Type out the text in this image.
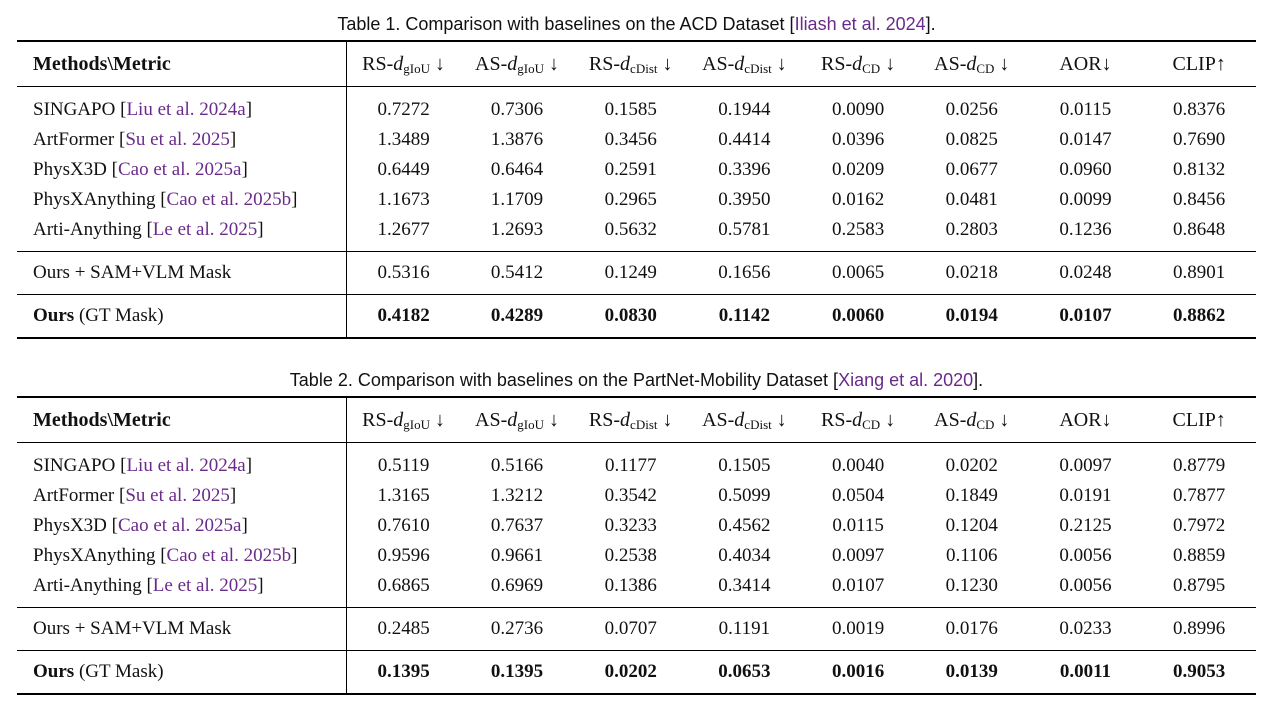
Table 1. Comparison with baselines on the ACD Dataset [Iliash et al. 2024].
Methods\Metric	$RS-d_{gIoU}$ ↓	$AS-d_{gIoU}$ ↓	$RS-d_{cDist}$ ↓	$AS-d_{cDist}$ ↓	$RS-d_{CD}$ ↓	$AS-d_{CD}$ ↓	AOR↓	CLIP↑

SINGAPO [Liu et al. 2024a]	0.7272	0.7306	0.1585	0.1944	0.0090	0.0256	0.0115	0.8376
ArtFormer [Su et al. 2025]	1.3489	1.3876	0.3456	0.4414	0.0396	0.0825	0.0147	0.7690
PhysX3D [Cao et al. 2025a]	0.6449	0.6464	0.2591	0.3396	0.0209	0.0677	0.0960	0.8132
PhysXAnything [Cao et al. 2025b]	1.1673	1.1709	0.2965	0.3950	0.0162	0.0481	0.0099	0.8456
Arti-Anything [Le et al. 2025]	1.2677	1.2693	0.5632	0.5781	0.2583	0.2803	0.1236	0.8648

Ours + SAM+VLM Mask	0.5316	0.5412	0.1249	0.1656	0.0065	0.0218	0.0248	0.8901
Ours (GT Mask)	0.4182	0.4289	0.0830	0.1142	0.0060	0.0194	0.0107	0.8862
Table 2. Comparison with baselines on the PartNet-Mobility Dataset [Xiang et al. 2020].
Methods\Metric	$RS-d_{gIoU}$ ↓	$AS-d_{gIoU}$ ↓	$RS-d_{cDist}$ ↓	$AS-d_{cDist}$ ↓	$RS-d_{CD}$ ↓	$AS-d_{CD}$ ↓	AOR↓	CLIP↑

SINGAPO [Liu et al. 2024a]	0.5119	0.5166	0.1177	0.1505	0.0040	0.0202	0.0097	0.8779
ArtFormer [Su et al. 2025]	1.3165	1.3212	0.3542	0.5099	0.0504	0.1849	0.0191	0.7877
PhysX3D [Cao et al. 2025a]	0.7610	0.7637	0.3233	0.4562	0.0115	0.1204	0.2125	0.7972
PhysXAnything [Cao et al. 2025b]	0.9596	0.9661	0.2538	0.4034	0.0097	0.1106	0.0056	0.8859
Arti-Anything [Le et al. 2025]	0.6865	0.6969	0.1386	0.3414	0.0107	0.1230	0.0056	0.8795

Ours + SAM+VLM Mask	0.2485	0.2736	0.0707	0.1191	0.0019	0.0176	0.0233	0.8996
Ours (GT Mask)	0.1395	0.1395	0.0202	0.0653	0.0016	0.0139	0.0011	0.9053
